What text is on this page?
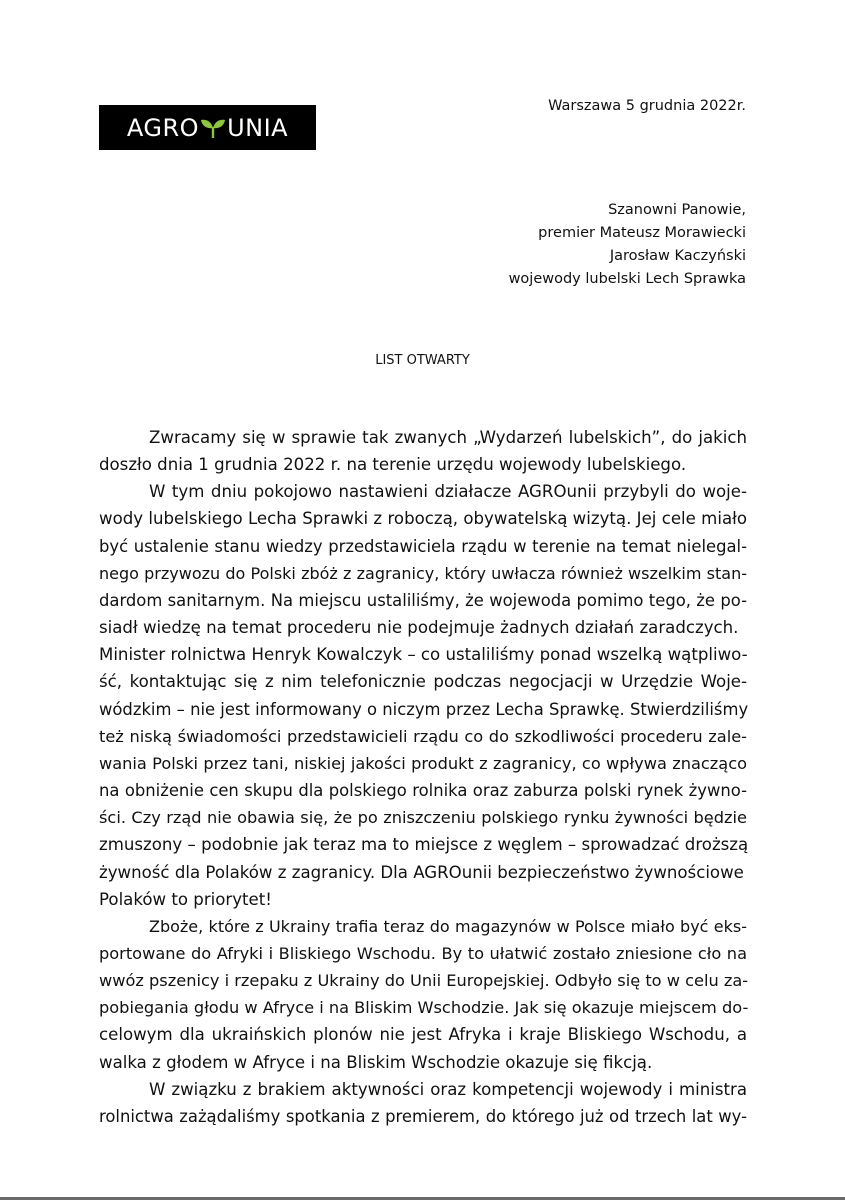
AGRO UNIA
Warszawa 5 grudnia 2022r.
Szanowni Panowie,
premier Mateusz Morawiecki
Jarosław Kaczyński
wojewody lubelski Lech Sprawka
LIST OTWARTY
Zwracamy się w sprawie tak zwanych „Wydarzeń lubelskich”, do jakich
doszło dnia 1 grudnia 2022 r. na terenie urzędu wojewody lubelskiego.
W tym dniu pokojowo nastawieni działacze AGROunii przybyli do woje-
wody lubelskiego Lecha Sprawki z roboczą, obywatelską wizytą. Jej cele miało
być ustalenie stanu wiedzy przedstawiciela rządu w terenie na temat nielegal-
nego przywozu do Polski zbóż z zagranicy, który uwłacza również wszelkim stan-
dardom sanitarnym. Na miejscu ustaliliśmy, że wojewoda pomimo tego, że po-
siadł wiedzę na temat procederu nie podejmuje żadnych działań zaradczych.
Minister rolnictwa Henryk Kowalczyk – co ustaliliśmy ponad wszelką wątpliwo-
ść, kontaktując się z nim telefonicznie podczas negocjacji w Urzędzie Woje-
wódzkim – nie jest informowany o niczym przez Lecha Sprawkę. Stwierdziliśmy
też niską świadomości przedstawicieli rządu co do szkodliwości procederu zale-
wania Polski przez tani, niskiej jakości produkt z zagranicy, co wpływa znacząco
na obniżenie cen skupu dla polskiego rolnika oraz zaburza polski rynek żywno-
ści. Czy rząd nie obawia się, że po zniszczeniu polskiego rynku żywności będzie
zmuszony – podobnie jak teraz ma to miejsce z węglem – sprowadzać droższą
żywność dla Polaków z zagranicy. Dla AGROunii bezpieczeństwo żywnościowe
Polaków to priorytet!
Zboże, które z Ukrainy trafia teraz do magazynów w Polsce miało być eks-
portowane do Afryki i Bliskiego Wschodu. By to ułatwić zostało zniesione cło na
wwóz pszenicy i rzepaku z Ukrainy do Unii Europejskiej. Odbyło się to w celu za-
pobiegania głodu w Afryce i na Bliskim Wschodzie. Jak się okazuje miejscem do-
celowym dla ukraińskich plonów nie jest Afryka i kraje Bliskiego Wschodu, a
walka z głodem w Afryce i na Bliskim Wschodzie okazuje się fikcją.
W związku z brakiem aktywności oraz kompetencji wojewody i ministra
rolnictwa zażądaliśmy spotkania z premierem, do którego już od trzech lat wy-
